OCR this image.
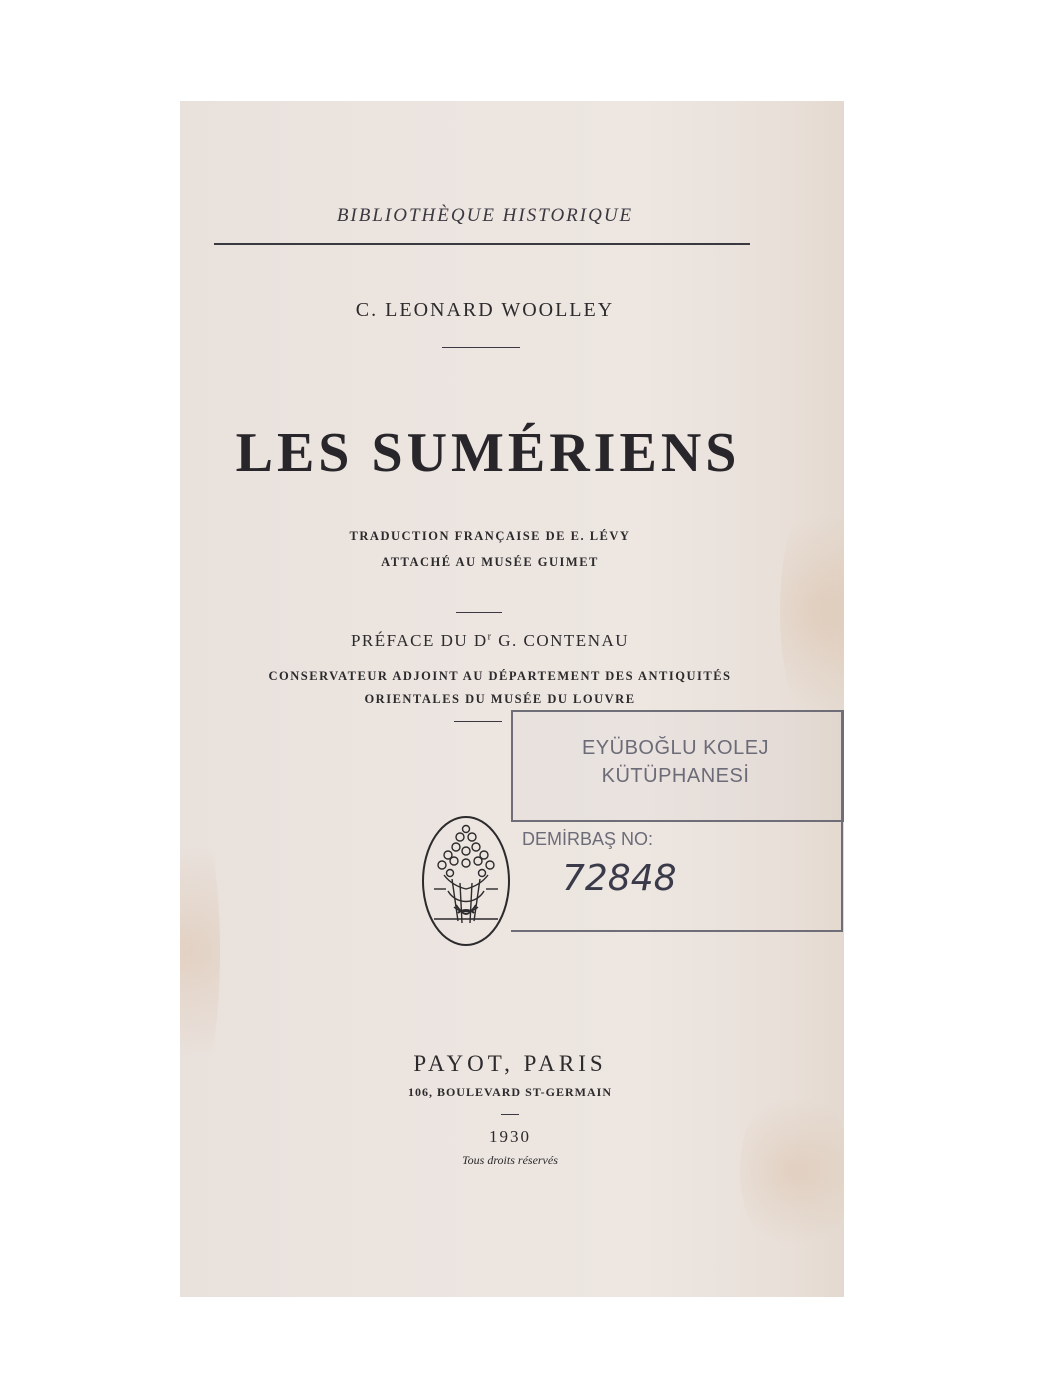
BIBLIOTHÈQUE HISTORIQUE
C. LEONARD WOOLLEY
LES SUMÉRIENS
TRADUCTION FRANÇAISE DE E. LÉVY
ATTACHÉ AU MUSÉE GUIMET
PRÉFACE DU $D^r$ G. CONTENAU
CONSERVATEUR ADJOINT AU DÉPARTEMENT DES ANTIQUITÉS
ORIENTALES DU MUSÉE DU LOUVRE
EYÜBOĞLU KOLEJ
KÜTÜPHANESİ
DEMİRBAŞ NO:
72848
PAYOT, PARIS
106, BOULEVARD ST-GERMAIN
1930
Tous droits réservés
